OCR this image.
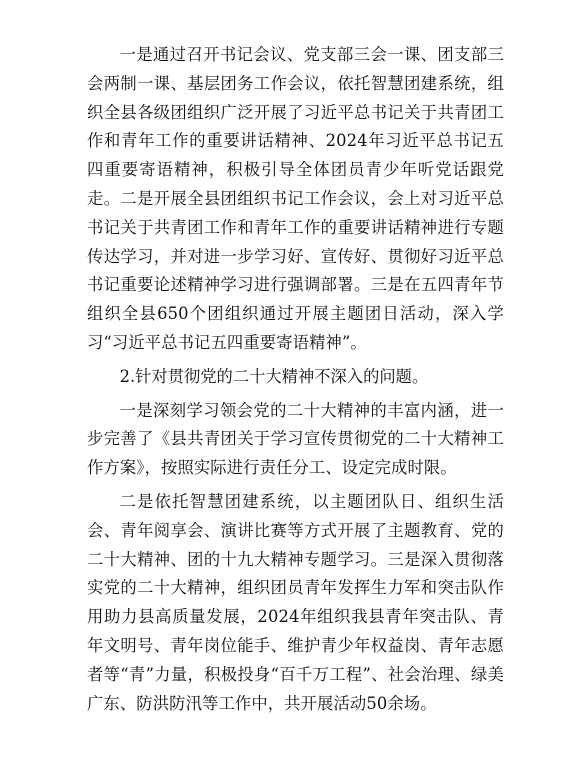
一是通过召开书记会议、党支部三会一课、团支部三会两制一课、基层团务工作会议，依托智慧团建系统，组织全县各级团组织广泛开展了习近平总书记关于共青团工作和青年工作的重要讲话精神、2024年习近平总书记五四重要寄语精神，积极引导全体团员青少年听党话跟党走。二是开展全县团组织书记工作会议，会上对习近平总书记关于共青团工作和青年工作的重要讲话精神进行专题传达学习，并对进一步学习好、宣传好、贯彻好习近平总书记重要论述精神学习进行强调部署。三是在五四青年节组织全县650个团组织通过开展主题团日活动，深入学习“习近平总书记五四重要寄语精神”。

2.针对贯彻党的二十大精神不深入的问题。

一是深刻学习领会党的二十大精神的丰富内涵，进一步完善了《县共青团关于学习宣传贯彻党的二十大精神工作方案》，按照实际进行责任分工、设定完成时限。

二是依托智慧团建系统，以主题团队日、组织生活会、青年阅享会、演讲比赛等方式开展了主题教育、党的二十大精神、团的十九大精神专题学习。三是深入贯彻落实党的二十大精神，组织团员青年发挥生力军和突击队作用助力县高质量发展，2024年组织我县青年突击队、青年文明号、青年岗位能手、维护青少年权益岗、青年志愿者等“青”力量，积极投身“百千万工程”、社会治理、绿美广东、防洪防汛等工作中，共开展活动50余场。
